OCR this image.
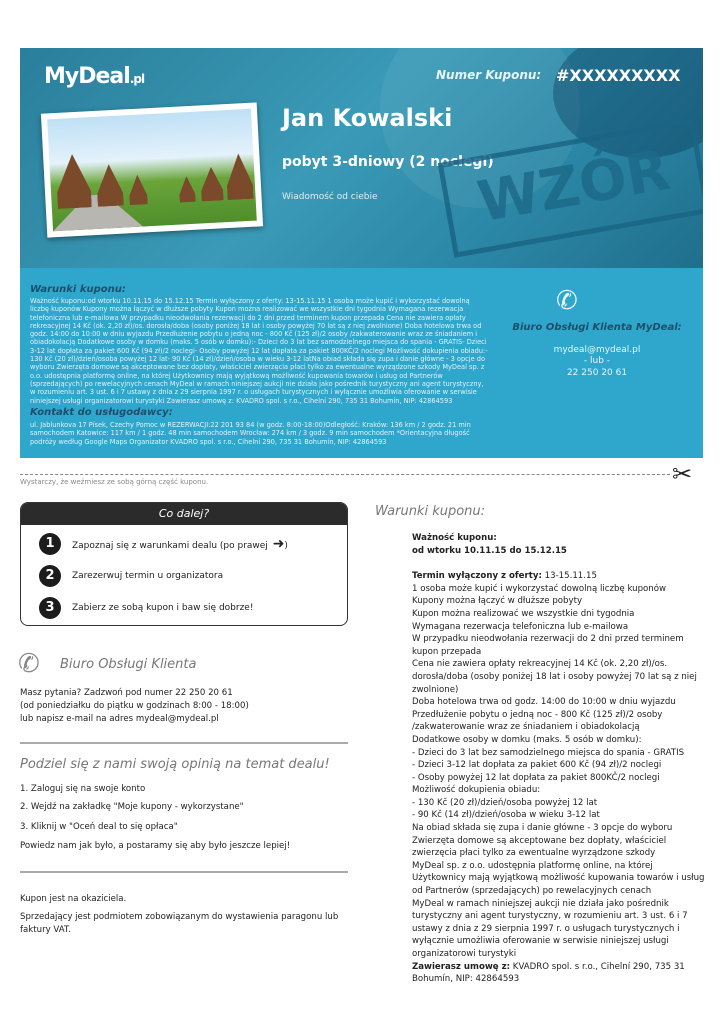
MyDeal.pl	Numer Kuponu: #XXXXXXXXX
Jan Kowalski
pobyt 3-dniowy (2 noclegi)
Wiadomość od ciebie	WZÓR
Warunki kuponu:

Ważność kuponu:od wtorku 10.11.15 do 15.12.15 Termin wyłączony z oferty: 13-15.11.15 1 osoba może kupić i wykorzystać dowolną liczbę kuponów Kupony można łączyć w dłuższe pobyty Kupon można realizować we wszystkie dni tygodnia Wymagana rezerwacja telefoniczna lub e-mailowa W przypadku nieodwołania rezerwacji do 2 dni przed terminem kupon przepada Cena nie zawiera opłaty rekreacyjnej 14 Kč (ok. 2,20 zł)/os. dorosła/doba (osoby poniżej 18 lat i osoby powyżej 70 lat są z niej zwolnione) Doba hotelowa trwa od godz. 14:00 do 10:00 w dniu wyjazdu Przedłużenie pobytu o jedną noc - 800 Kč (125 zł)/2 osoby /zakwaterowanie wraz ze śniadaniem i obiadokolacją Dodatkowe osoby w domku (maks. 5 osób w domku):- Dzieci do 3 lat bez samodzielnego miejsca do spania - GRATIS- Dzieci 3-12 lat dopłata za pakiet 600 Kč (94 zł)/2 noclegi- Osoby powyżej 12 lat dopłata za pakiet 800KČ/2 noclegi Możliwość dokupienia obiadu:- 130 Kč (20 zł)/dzień/osoba powyżej 12 lat- 90 Kč (14 zł)/dzień/osoba w wieku 3-12 latNa obiad składa się zupa i danie główne - 3 opcje do wyboru Zwierzęta domowe są akceptowane bez dopłaty, właściciel zwierzęcia płaci tylko za ewentualne wyrządzone szkody MyDeal sp. z o.o. udostępnia platformę online, na której Użytkownicy mają wyjątkową możliwość kupowania towarów i usług od Partnerów (sprzedających) po rewelacyjnych cenach MyDeal w ramach niniejszej aukcji nie działa jako pośrednik turystyczny ani agent turystyczny, w rozumieniu art. 3 ust. 6 i 7 ustawy z dnia z 29 sierpnia 1997 r. o usługach turystycznych i wyłącznie umożliwia oferowanie w serwisie niniejszej usługi organizatorowi turystyki Zawierasz umowę z: KVADRO spol. s r.o., Cihelní 290, 735 31 Bohumín, NIP: 42864593

Kontakt do usługodawcy:

ul. Jablunkova 17 Písek, Czechy Pomoc w REZERWACJI:22 201 93 84 (w godz. 8:00-18:00)Odległość: Kraków: 136 km / 2 godz. 21 min samochodem Katowice: 117 km / 1 godz. 48 min samochodem Wrocław: 274 km / 3 godz. 9 min samochodem *Orientacyjna długość podróży według Google Maps Organizator KVADRO spol. s r.o., Cihelní 290, 735 31 Bohumín, NIP: 42864593

✆
Biuro Obsługi Klienta MyDeal:
mydeal@mydeal.pl
- lub -
22 250 20 61
✂
Wystarczy, że weźmiesz ze sobą górną część kuponu.
Co dalej?
1	Zapoznaj się z warunkami dealu (po prawej ➜)
2	Zarezerwuj termin u organizatora
3	Zabierz ze sobą kupon i baw się dobrze!
✆ Biuro Obsługi Klienta
Masz pytania? Zadzwoń pod numer 22 250 20 61
(od poniedziałku do piątku w godzinach 8:00 - 18:00)
lub napisz e-mail na adres mydeal@mydeal.pl
Podziel się z nami swoją opinią na temat dealu!
1. Zaloguj się na swoje konto
2. Wejdź na zakładkę "Moje kupony - wykorzystane"
3. Kliknij w "Oceń deal to się opłaca"
Powiedz nam jak było, a postaramy się aby było jeszcze lepiej!
Kupon jest na okaziciela.
Sprzedający jest podmiotem zobowiązanym do wystawienia paragonu lub faktury VAT.
Warunki kuponu:
Ważność kuponu:
od wtorku 10.11.15 do 15.12.15
Termin wyłączony z oferty: 13-15.11.15
1 osoba może kupić i wykorzystać dowolną liczbę kuponów
Kupony można łączyć w dłuższe pobyty
Kupon można realizować we wszystkie dni tygodnia
Wymagana rezerwacja telefoniczna lub e-mailowa
W przypadku nieodwołania rezerwacji do 2 dni przed terminem kupon przepada
Cena nie zawiera opłaty rekreacyjnej 14 Kč (ok. 2,20 zł)/os. dorosła/doba (osoby poniżej 18 lat i osoby powyżej 70 lat są z niej zwolnione)
Doba hotelowa trwa od godz. 14:00 do 10:00 w dniu wyjazdu
Przedłużenie pobytu o jedną noc - 800 Kč (125 zł)/2 osoby /zakwaterowanie wraz ze śniadaniem i obiadokolacją
Dodatkowe osoby w domku (maks. 5 osób w domku):
- Dzieci do 3 lat bez samodzielnego miejsca do spania - GRATIS
- Dzieci 3-12 lat dopłata za pakiet 600 Kč (94 zł)/2 noclegi
- Osoby powyżej 12 lat dopłata za pakiet 800KČ/2 noclegi
Możliwość dokupienia obiadu:
- 130 Kč (20 zł)/dzień/osoba powyżej 12 lat
- 90 Kč (14 zł)/dzień/osoba w wieku 3-12 lat
Na obiad składa się zupa i danie główne - 3 opcje do wyboru
Zwierzęta domowe są akceptowane bez dopłaty, właściciel zwierzęcia płaci tylko za ewentualne wyrządzone szkody
MyDeal sp. z o.o. udostępnia platformę online, na której Użytkownicy mają wyjątkową możliwość kupowania towarów i usług od Partnerów (sprzedających) po rewelacyjnych cenach
MyDeal w ramach niniejszej aukcji nie działa jako pośrednik turystyczny ani agent turystyczny, w rozumieniu art. 3 ust. 6 i 7 ustawy z dnia z 29 sierpnia 1997 r. o usługach turystycznych i wyłącznie umożliwia oferowanie w serwisie niniejszej usługi organizatorowi turystyki
Zawierasz umowę z: KVADRO spol. s r.o., Cihelní 290, 735 31 Bohumín, NIP: 42864593
